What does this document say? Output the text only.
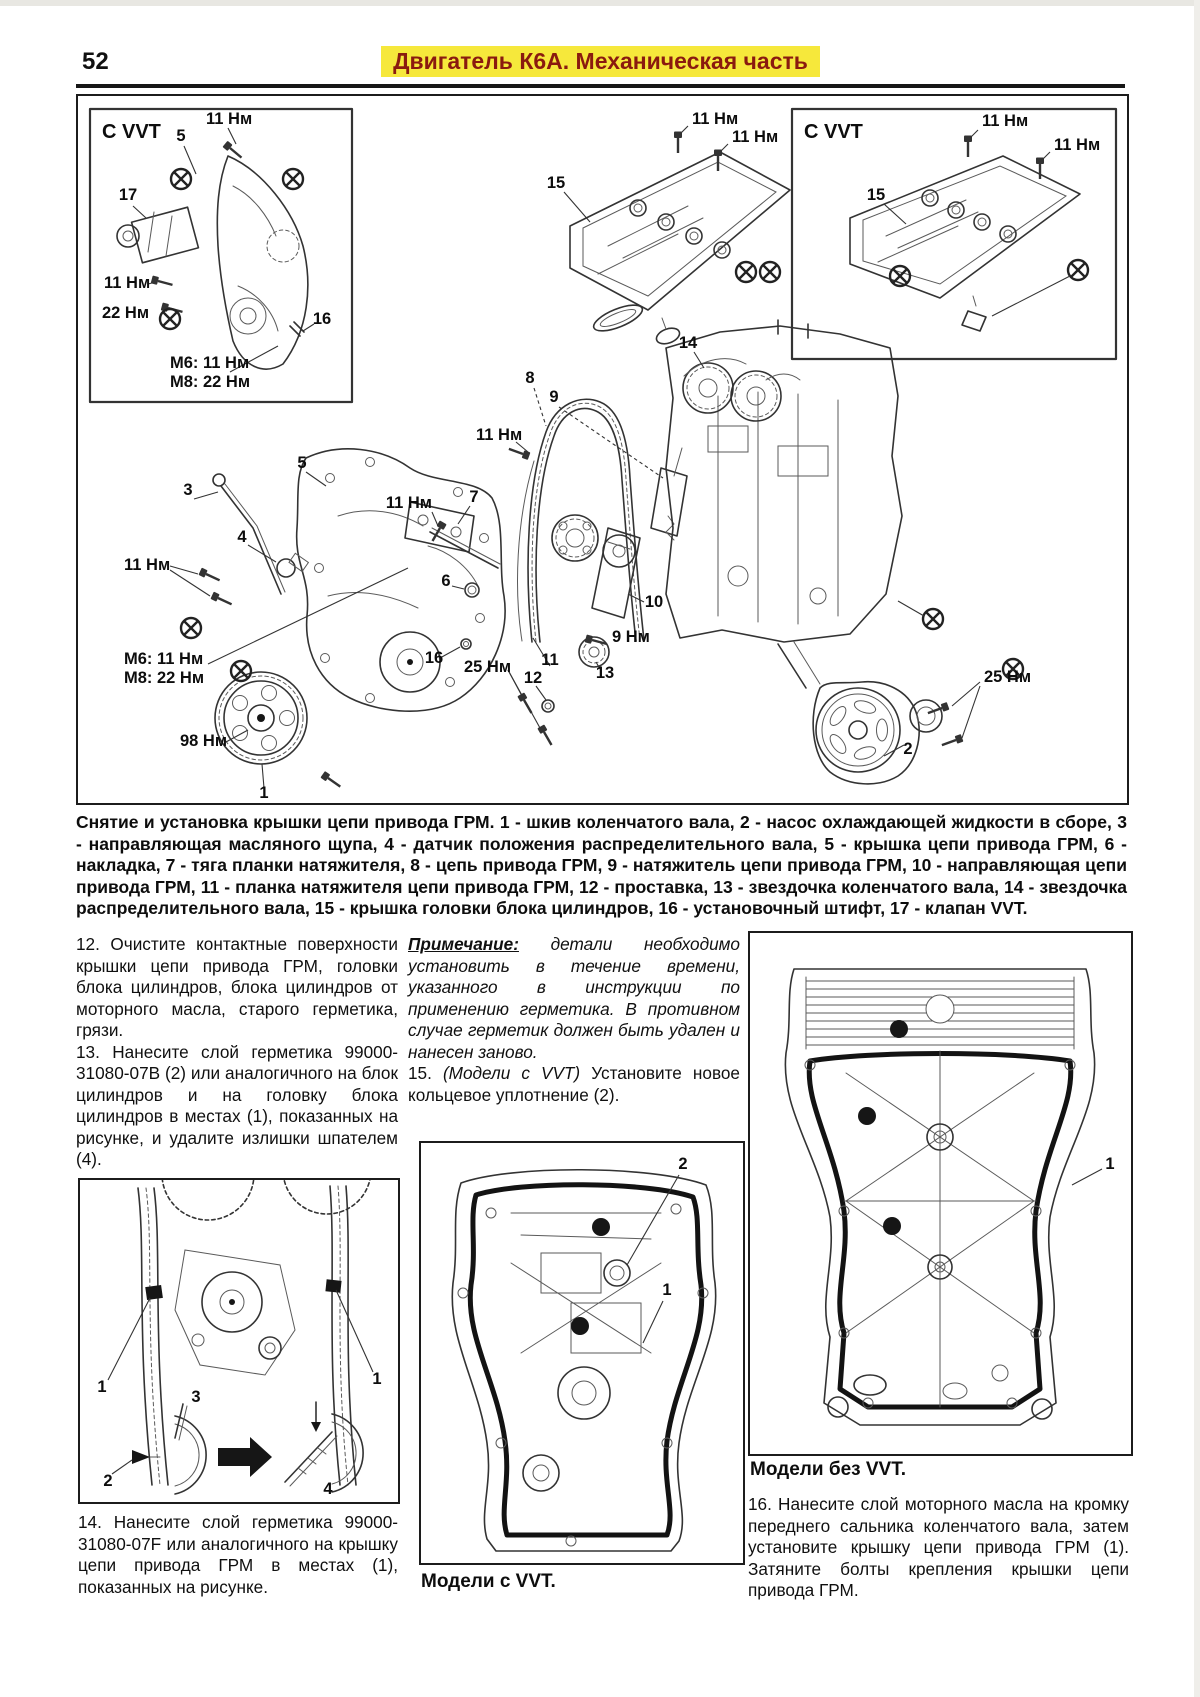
52	Двигатель К6А. Механическая часть
С VVT
11 Нм
5
17
11 Нм
22 Нм	16
М6: 11 Нм
М8: 22 Нм
11 Нм
11 Нм
15
С VVT	11 Нм
11 Нм
15
3
4
5
11 Нм
8
9
11 Нм
11 Нм 7
6
10
9 Нм
25 Нм
12
11
13
16
М6: 11 Нм
М8: 22 Нм
98 Нм
1
14
2
25 Нм
Снятие и установка крышки цепи привода ГРМ. 1 - шкив коленчатого вала, 2 - насос охлаждающей жидкости в сборе, 3 - направляющая масляного щупа, 4 - датчик положения распределительного вала, 5 - крышка цепи привода ГРМ, 6 - накладка, 7 - тяга планки натяжителя, 8 - цепь привода ГРМ, 9 - натяжитель цепи привода ГРМ, 10 - направляющая цепи привода ГРМ, 11 - планка натяжителя цепи привода ГРМ, 12 - проставка, 13 - звездочка коленчатого вала, 14 - звездочка распределительного вала, 15 - крышка головки блока цилиндров, 16 - установочный штифт, 17 - клапан VVT.

12. Очистите контактные поверхности крышки цепи привода ГРМ, головки блока цилиндров, блока цилиндров от моторного масла, старого герметика, грязи.

13. Нанесите слой герметика 99000-31080-07В (2) или аналогичного на блок цилиндров и на головку блока цилиндров в местах (1), показанных на рисунке, и удалите излишки шпателем (4).

Примечание: детали необходимо установить в течение времени, указанного в инструкции по применению герметика. В противном случае герметик должен быть удален и нанесен заново.

15. (Модели с VVT) Установите новое кольцевое уплотнение (2).

1	1
3
2	4

14. Нанесите слой герметика 99000-31080-07F или аналогичного на крышку цепи привода ГРМ в местах (1), показанных на рисунке.

2
1
Модели с VVT.
1
Модели без VVT.

16. Нанесите слой моторного масла на кромку переднего сальника коленчатого вала, затем установите крышку цепи привода ГРМ (1). Затяните болты крепления крышки цепи привода ГРМ.
